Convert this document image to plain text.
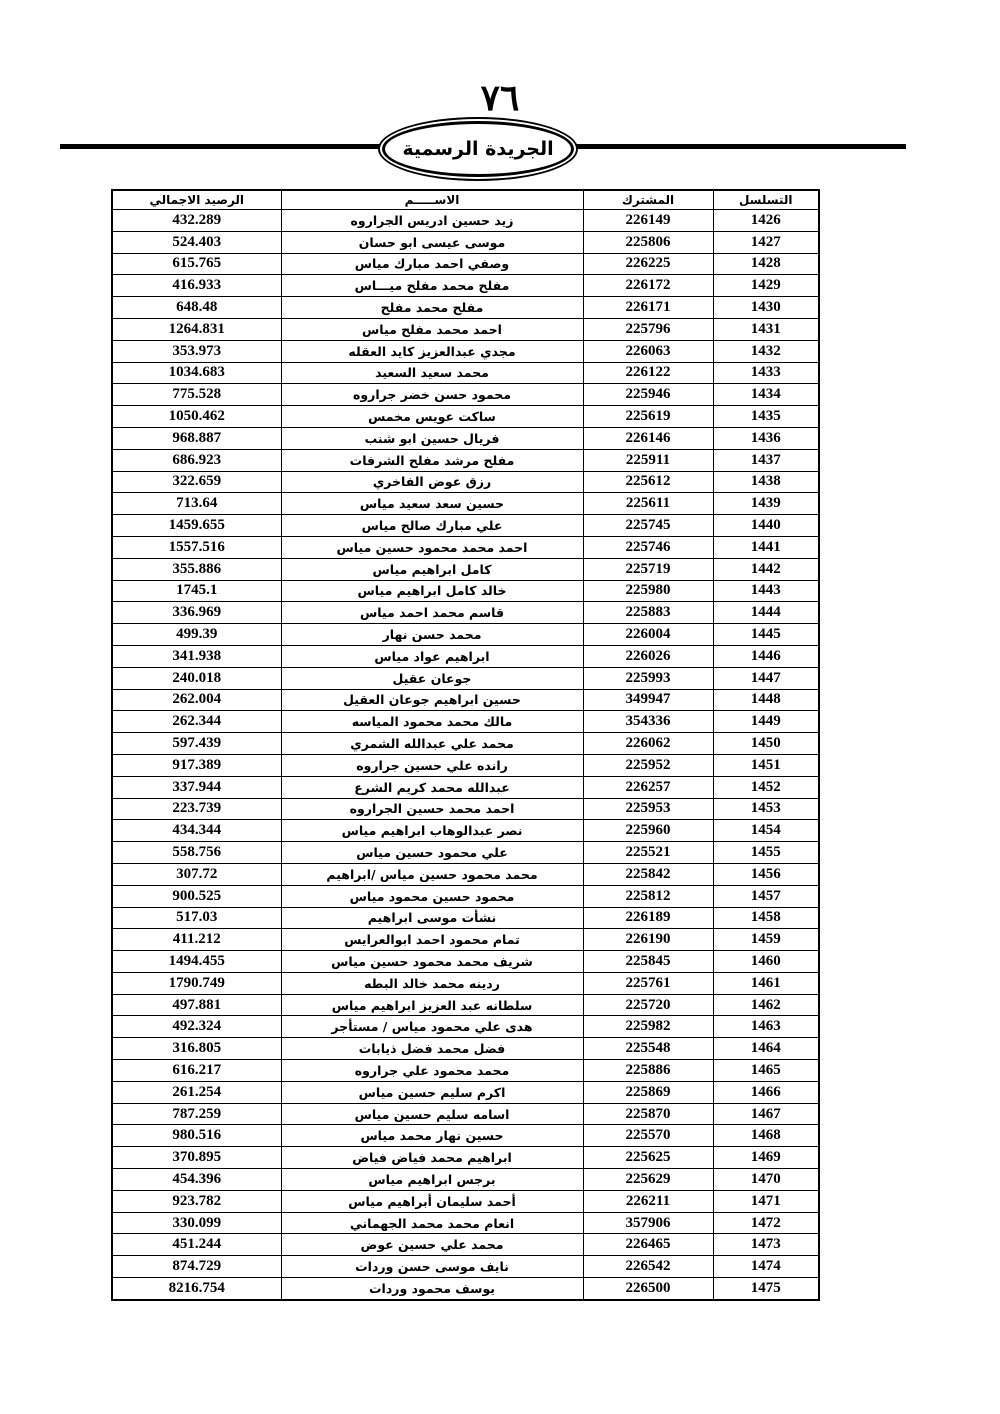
٧٦
الجريدة الرسمية
التسلسل	المشترك	الاســـــم	الرصيد الاجمالي
1426	226149	زيد حسين ادريس الجراروه	432.289
1427	225806	موسى عيسى ابو حسان	524.403
1428	226225	وصفي احمد مبارك مياس	615.765
1429	226172	مفلح محمد مفلح ميـــاس	416.933
1430	226171	مفلح محمد مفلح	648.48
1431	225796	احمد محمد مفلح مياس	1264.831
1432	226063	مجدي عبدالعزيز كايد العقله	353.973
1433	226122	محمد سعيد السعيد	1034.683
1434	225946	محمود حسن خضر جراروه	775.528
1435	225619	ساكت عويس مخمس	1050.462
1436	226146	فريال حسين ابو شنب	968.887
1437	225911	مفلح مرشد مفلح الشرفات	686.923
1438	225612	رزق عوض الفاخري	322.659
1439	225611	حسين سعد سعيد مياس	713.64
1440	225745	علي مبارك صالح مياس	1459.655
1441	225746	احمد محمد محمود حسين مياس	1557.516
1442	225719	كامل ابراهيم مياس	355.886
1443	225980	خالد كامل ابراهيم مياس	1745.1
1444	225883	قاسم محمد احمد مياس	336.969
1445	226004	محمد حسن نهار	499.39
1446	226026	ابراهيم عواد مياس	341.938
1447	225993	جوعان عقيل	240.018
1448	349947	حسين ابراهيم جوعان العقيل	262.004
1449	354336	مالك محمد محمود المياسه	262.344
1450	226062	محمد علي عبدالله الشمري	597.439
1451	225952	رانده علي حسين جراروه	917.389
1452	226257	عبدالله محمد كريم الشرع	337.944
1453	225953	احمد محمد حسين الجراروه	223.739
1454	225960	نصر عبدالوهاب ابراهيم مياس	434.344
1455	225521	علي محمود حسين مياس	558.756
1456	225842	محمد محمود حسين مياس /ابراهيم	307.72
1457	225812	محمود حسين محمود مياس	900.525
1458	226189	نشأت موسى ابراهيم	517.03
1459	226190	تمام محمود احمد ابوالعرايس	411.212
1460	225845	شريف محمد محمود حسين مياس	1494.455
1461	225761	ردينه محمد خالد البطه	1790.749
1462	225720	سلطانه عبد العزيز ابراهيم مياس	497.881
1463	225982	هدى علي محمود مياس / مستأجر	492.324
1464	225548	فضل محمد فضل ذيابات	316.805
1465	225886	محمد محمود علي جراروه	616.217
1466	225869	اكرم سليم حسين مياس	261.254
1467	225870	اسامه سليم حسين مياس	787.259
1468	225570	حسين نهار محمد مياس	980.516
1469	225625	ابراهيم محمد فياض فياض	370.895
1470	225629	برجس ابراهيم مياس	454.396
1471	226211	أحمد سليمان أبراهيم مياس	923.782
1472	357906	انعام محمد محمد الجهماني	330.099
1473	226465	محمد علي حسين عوض	451.244
1474	226542	نايف موسى حسن وردات	874.729
1475	226500	يوسف محمود وردات	8216.754
